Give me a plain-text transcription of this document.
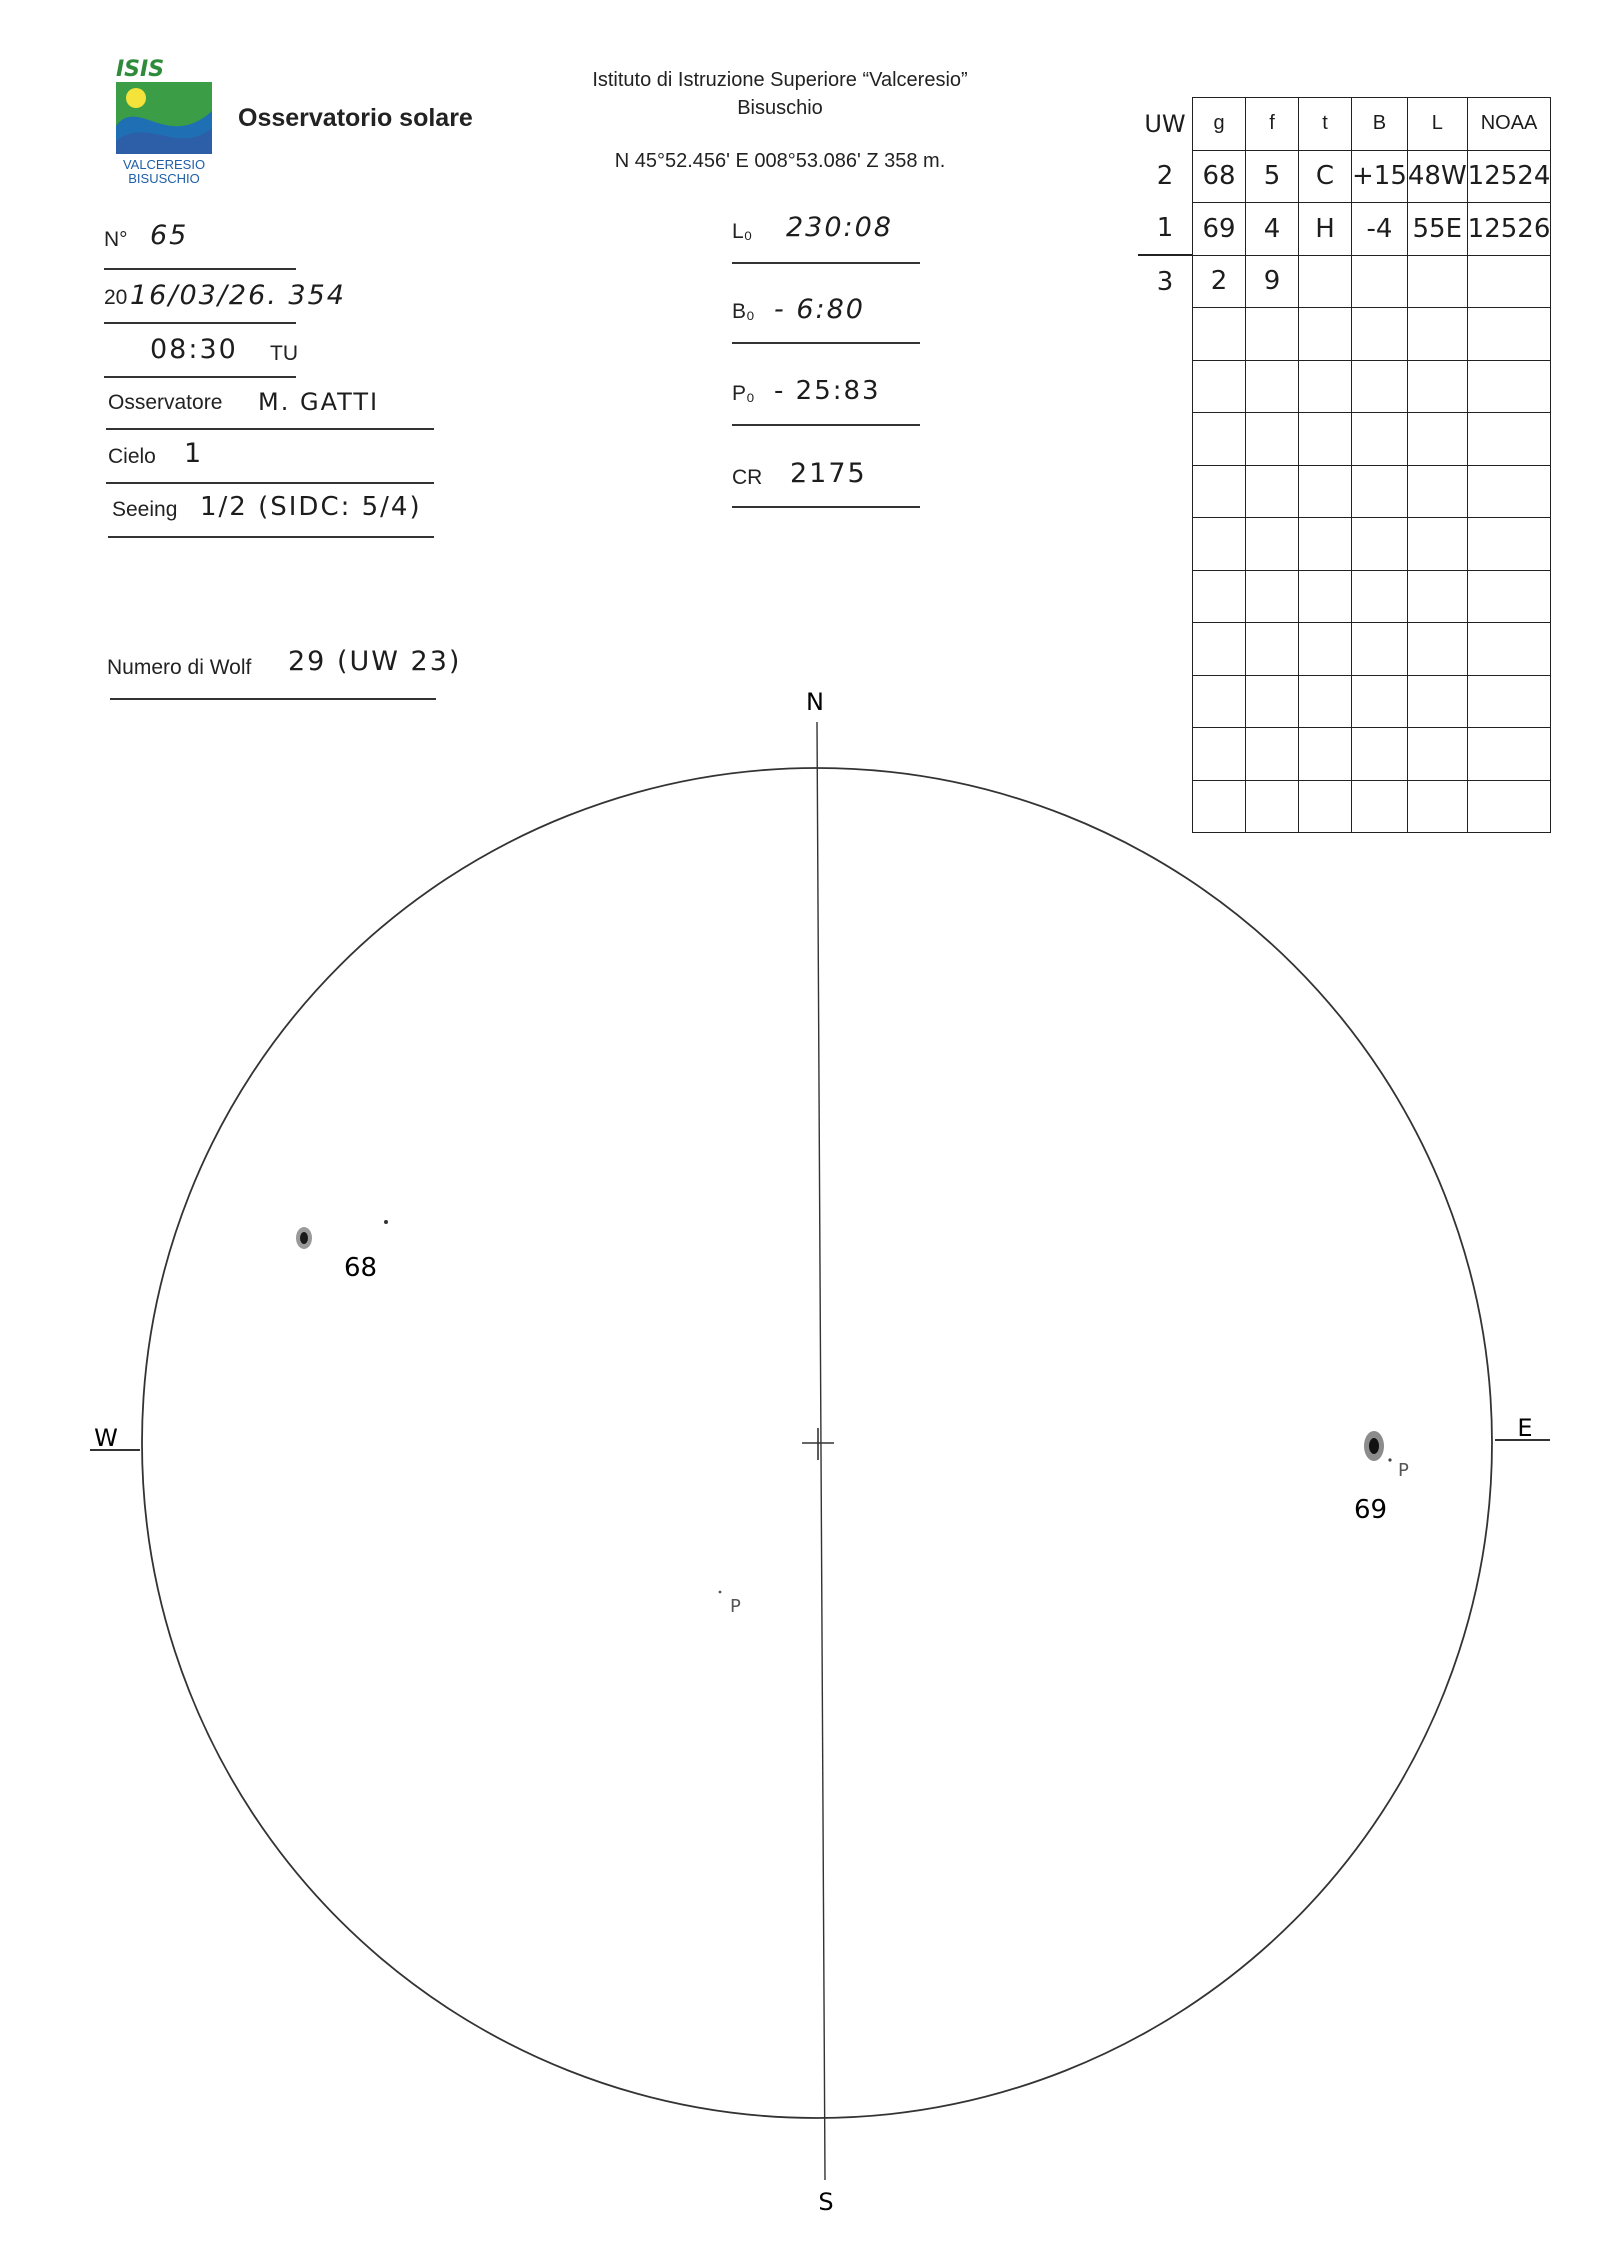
ISIS
VALCERESIO
BISUSCHIO
Osservatorio solare
Istituto di Istruzione Superiore “Valceresio”
Bisuschio
N 45°52.456' E 008°53.086' Z 358 m.
N° 65
20 16/03/26. 354
08:30 TU
Osservatore M. GATTI
Cielo 1
Seeing 1/2 (SIDC: 5/4)
Numero di Wolf 29 (UW 23)
L₀ 230:08
B₀ - 6:80
P₀ - 25:83
CR 2175
UW	g	f	t	B	L	NOAA
2	68	5	C	+15	48W	12524
1	69	4	H	-4	55E	12526
3	2	9				

N
S
W	E
68
P
69
P
